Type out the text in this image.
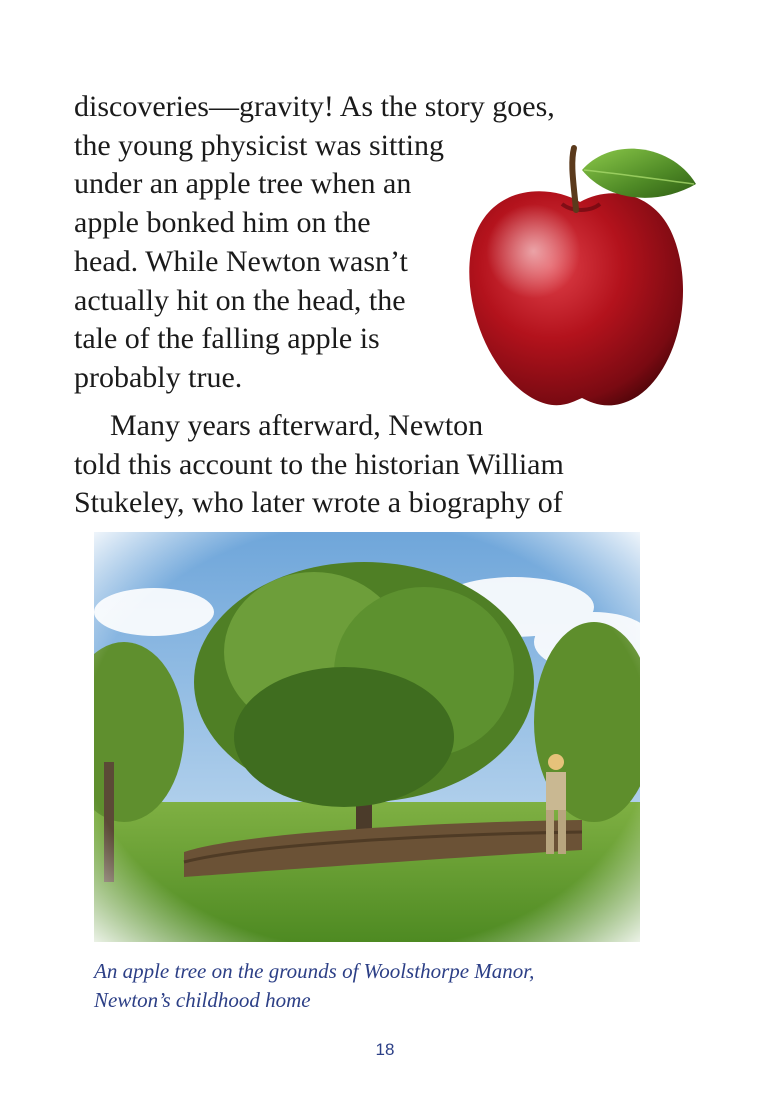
discoveries—gravity! As the story goes,
the young physicist was sitting
under an apple tree when an
apple bonked him on the
head. While Newton wasn’t
actually hit on the head, the
tale of the falling apple is
probably true.
Many years afterward, Newton
told this account to the historian William
Stukeley, who later wrote a biography of

An apple tree on the grounds of Woolsthorpe Manor,
Newton’s childhood home

18
